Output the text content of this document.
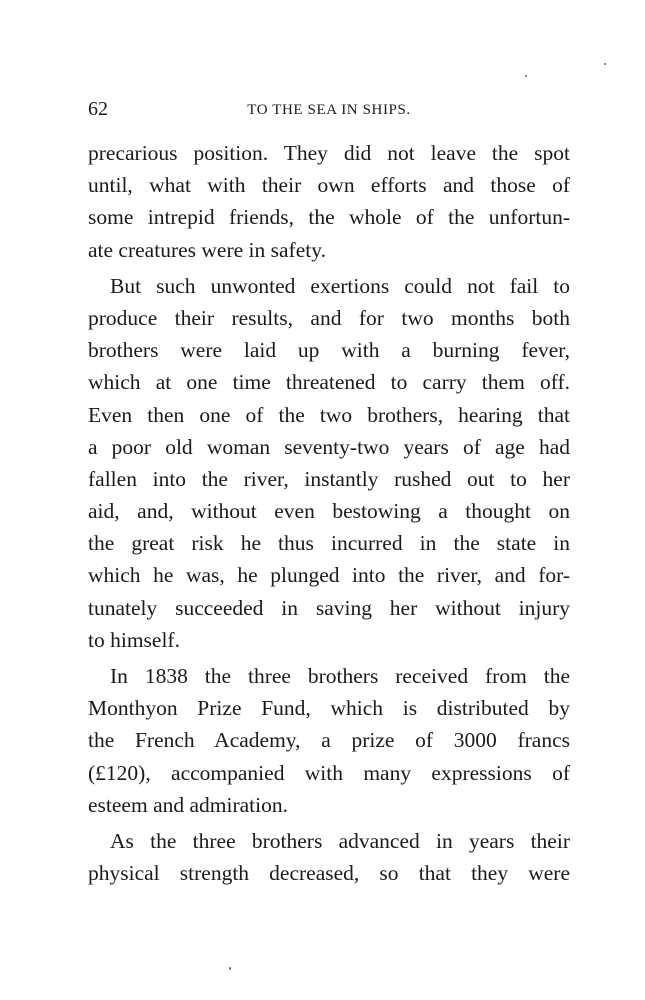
62	TO THE SEA IN SHIPS.
precarious position. They did not leave the spot
until, what with their own efforts and those of
some intrepid friends, the whole of the unfortun-
ate creatures were in safety.
But such unwonted exertions could not fail to
produce their results, and for two months both
brothers were laid up with a burning fever,
which at one time threatened to carry them off.
Even then one of the two brothers, hearing that
a poor old woman seventy-two years of age had
fallen into the river, instantly rushed out to her
aid, and, without even bestowing a thought on
the great risk he thus incurred in the state in
which he was, he plunged into the river, and for-
tunately succeeded in saving her without injury
to himself.
In 1838 the three brothers received from the
Monthyon Prize Fund, which is distributed by
the French Academy, a prize of 3000 francs
(£120), accompanied with many expressions of
esteem and admiration.
As the three brothers advanced in years their
physical strength decreased, so that they were
